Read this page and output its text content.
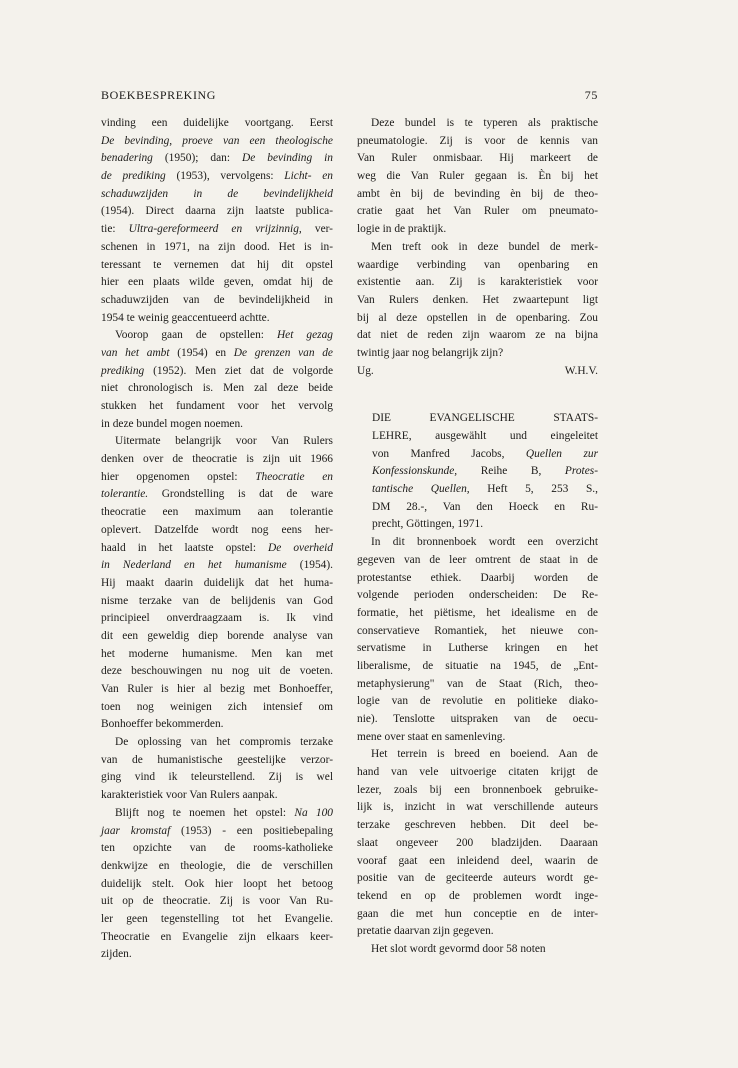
BOEKBESPREKING	75
vinding een duidelijke voortgang. Eerst
De bevinding, proeve van een theologische
benadering (1950); dan: De bevinding in
de prediking (1953), vervolgens: Licht- en
schaduwzijden in de bevindelijkheid
(1954). Direct daarna zijn laatste publica-
tie: Ultra-gereformeerd en vrijzinnig, ver-
schenen in 1971, na zijn dood. Het is in-
teressant te vernemen dat hij dit opstel
hier een plaats wilde geven, omdat hij de
schaduwzijden van de bevindelijkheid in
1954 te weinig geaccentueerd achtte.
Voorop gaan de opstellen: Het gezag
van het ambt (1954) en De grenzen van de
prediking (1952). Men ziet dat de volgorde
niet chronologisch is. Men zal deze beide
stukken het fundament voor het vervolg
in deze bundel mogen noemen.
Uitermate belangrijk voor Van Rulers
denken over de theocratie is zijn uit 1966
hier opgenomen opstel: Theocratie en
tolerantie. Grondstelling is dat de ware
theocratie een maximum aan tolerantie
oplevert. Datzelfde wordt nog eens her-
haald in het laatste opstel: De overheid
in Nederland en het humanisme (1954).
Hij maakt daarin duidelijk dat het huma-
nisme terzake van de belijdenis van God
principieel onverdraagzaam is. Ik vind
dit een geweldig diep borende analyse van
het moderne humanisme. Men kan met
deze beschouwingen nu nog uit de voeten.
Van Ruler is hier al bezig met Bonhoeffer,
toen nog weinigen zich intensief om
Bonhoeffer bekommerden.
De oplossing van het compromis terzake
van de humanistische geestelijke verzor-
ging vind ik teleurstellend. Zij is wel
karakteristiek voor Van Rulers aanpak.
Blijft nog te noemen het opstel: Na 100
jaar kromstaf (1953) - een positiebepaling
ten opzichte van de rooms-katholieke
denkwijze en theologie, die de verschillen
duidelijk stelt. Ook hier loopt het betoog
uit op de theocratie. Zij is voor Van Ru-
ler geen tegenstelling tot het Evangelie.
Theocratie en Evangelie zijn elkaars keer-
zijden.
Deze bundel is te typeren als praktische
pneumatologie. Zij is voor de kennis van
Van Ruler onmisbaar. Hij markeert de
weg die Van Ruler gegaan is. Èn bij het
ambt èn bij de bevinding èn bij de theo-
cratie gaat het Van Ruler om pneumato-
logie in de praktijk.
Men treft ook in deze bundel de merk-
waardige verbinding van openbaring en
existentie aan. Zij is karakteristiek voor
Van Rulers denken. Het zwaartepunt ligt
bij al deze opstellen in de openbaring. Zou
dat niet de reden zijn waarom ze na bijna
twintig jaar nog belangrijk zijn?
Ug.	W.H.V.
DIE EVANGELISCHE STAATS-
LEHRE, ausgewählt und eingeleitet
von Manfred Jacobs, Quellen zur
Konfessionskunde, Reihe B, Protes-
tantische Quellen, Heft 5, 253 S.,
DM 28.-, Van den Hoeck en Ru-
precht, Göttingen, 1971.
In dit bronnenboek wordt een overzicht
gegeven van de leer omtrent de staat in de
protestantse ethiek. Daarbij worden de
volgende perioden onderscheiden: De Re-
formatie, het piëtisme, het idealisme en de
conservatieve Romantiek, het nieuwe con-
servatisme in Lutherse kringen en het
liberalisme, de situatie na 1945, de „Ent-
metaphysierung" van de Staat (Rich, theo-
logie van de revolutie en politieke diako-
nie). Tenslotte uitspraken van de oecu-
mene over staat en samenleving.
Het terrein is breed en boeiend. Aan de
hand van vele uitvoerige citaten krijgt de
lezer, zoals bij een bronnenboek gebruike-
lijk is, inzicht in wat verschillende auteurs
terzake geschreven hebben. Dit deel be-
slaat ongeveer 200 bladzijden. Daaraan
vooraf gaat een inleidend deel, waarin de
positie van de geciteerde auteurs wordt ge-
tekend en op de problemen wordt inge-
gaan die met hun conceptie en de inter-
pretatie daarvan zijn gegeven.
Het slot wordt gevormd door 58 noten
